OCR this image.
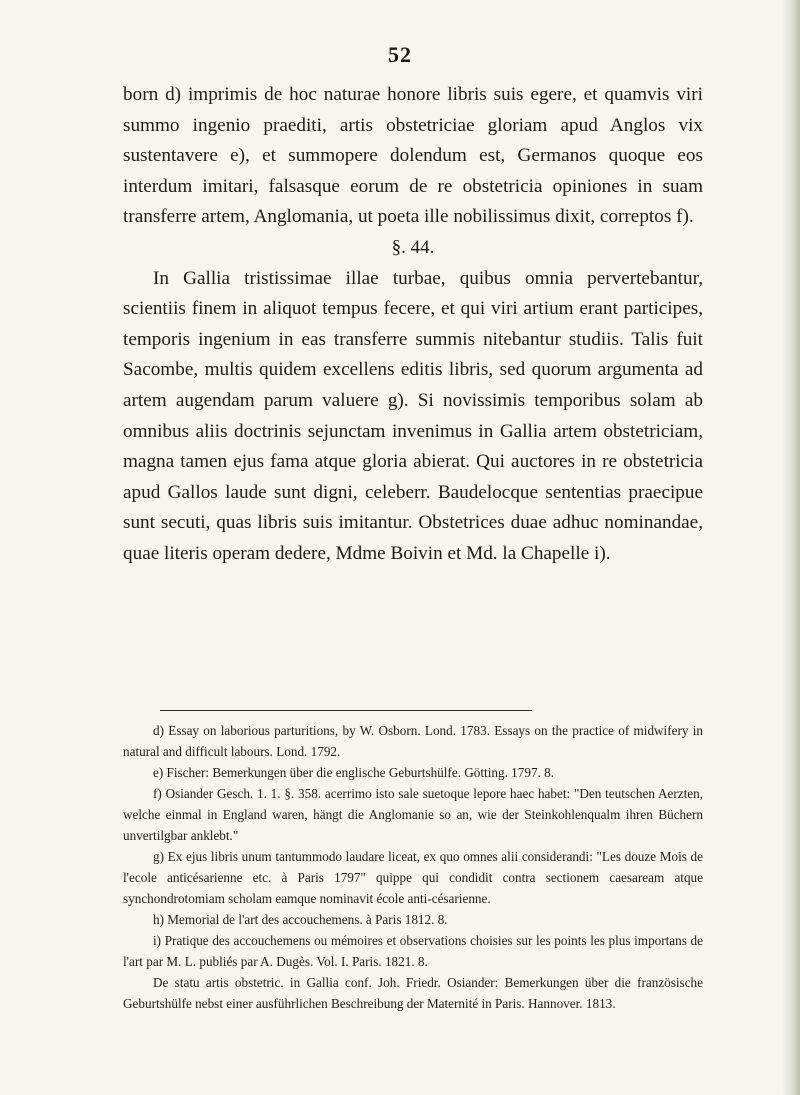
52

born d) imprimis de hoc naturae honore libris suis egere, et quamvis viri summo ingenio praediti, artis obstetriciae gloriam apud Anglos vix sustentavere e), et summopere dolendum est, Germanos quoque eos interdum imitari, falsasque eorum de re obstetricia opiniones in suam transferre artem, Anglomania, ut poeta ille nobilissimus dixit, correptos f).

§. 44.

In Gallia tristissimae illae turbae, quibus omnia pervertebantur, scientiis finem in aliquot tempus fecere, et qui viri artium erant participes, temporis ingenium in eas transferre summis nitebantur studiis. Talis fuit Sacombe, multis quidem excellens editis libris, sed quorum argumenta ad artem augendam parum valuere g). Si novissimis temporibus solam ab omnibus aliis doctrinis sejunctam invenimus in Gallia artem obstetriciam, magna tamen ejus fama atque gloria abierat. Qui auctores in re obstetricia apud Gallos laude sunt digni, celeberr. Baudelocque sententias praecipue sunt secuti, quas libris suis imitantur. Obstetrices duae adhuc nominandae, quae literis operam dedere, Mdme Boivin et Md. la Chapelle i).

d) Essay on laborious parturitions, by W. Osborn. Lond. 1783. Essays on the practice of midwifery in natural and difficult labours. Lond. 1792.

e) Fischer: Bemerkungen über die englische Geburtshülfe. Götting. 1797. 8.

f) Osiander Gesch. 1. 1. §. 358. acerrimo isto sale suetoque lepore haec habet: "Den teutschen Aerzten, welche einmal in England waren, hängt die Anglomanie so an, wie der Steinkohlenqualm ihren Büchern unvertilgbar anklebt."

g) Ex ejus libris unum tantummodo laudare liceat, ex quo omnes alii considerandi: "Les douze Mois de l'ecole anticésarienne etc. à Paris 1797" quippe qui condidit contra sectionem caesaream atque synchondrotomiam scholam eamque nominavit école anti-césarienne.

h) Memorial de l'art des accouchemens. à Paris 1812. 8.

i) Pratique des accouchemens ou mémoires et observations choisies sur les points les plus importans de l'art par M. L. publiés par A. Dugès. Vol. I. Paris. 1821. 8.

De statu artis obstetric. in Gallia conf. Joh. Friedr. Osiander: Bemerkungen über die französische Geburtshülfe nebst einer ausführlichen Beschreibung der Maternité in Paris. Hannover. 1813.
